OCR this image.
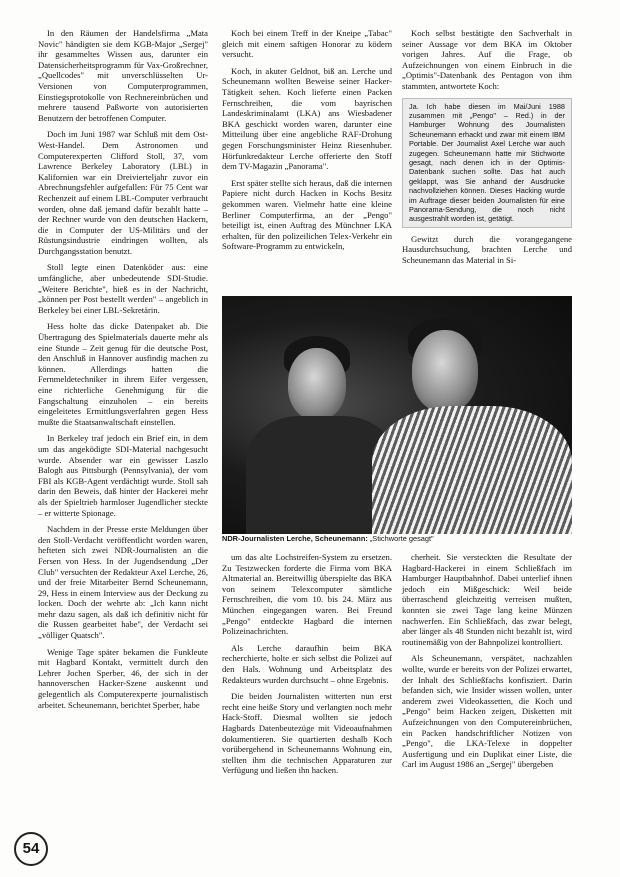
In den Räumen der Handelsfirma „Mata Novic" händigten sie dem KGB-Major „Sergej" ihr gesammeltes Wissen aus, darunter ein Datensicherheitsprogramm für Vax-Großrechner, „Quellcodes" mit unverschlüsselten Ur-Versionen von Computerprogrammen, Einstiegsprotokolle von Rechnereinbrüchen und mehrere tausend Paßworte von autorisierten Benutzern der betroffenen Computer.

Doch im Juni 1987 war Schluß mit dem Ost-West-Handel. Dem Astronomen und Computerexperten Clifford Stoll, 37, vom Lawrence Berkeley Laboratory (LBL) in Kalifornien war ein Dreivierteljahr zuvor ein Abrechnungsfehler aufgefallen: Für 75 Cent war Rechenzeit auf einem LBL-Computer verbraucht worden, ohne daß jemand dafür bezahlt hatte – der Rechner wurde von den deutschen Hackern, die in Computer der US-Militärs und der Rüstungsindustrie eindringen wollten, als Durchgangsstation benutzt.

Stoll legte einen Datenköder aus: eine umfängliche, aber unbedeutende SDI-Studie. „Weitere Berichte", hieß es in der Nachricht, „können per Post bestellt werden" – angeblich in Berkeley bei einer LBL-Sekretärin.

Hess holte das dicke Datenpaket ab. Die Übertragung des Spielmaterials dauerte mehr als eine Stunde – Zeit genug für die deutsche Post, den Anschluß in Hannover ausfindig machen zu können. Allerdings hatten die Fernmeldetechniker in ihrem Eifer vergessen, eine richterliche Genehmigung für die Fangschaltung einzuholen – ein bereits eingeleitetes Ermittlungsverfahren gegen Hess mußte die Staatsanwaltschaft einstellen.

In Berkeley traf jedoch ein Brief ein, in dem um das angeködigte SDI-Material nachgesucht wurde. Absender war ein gewisser Laszlo Balogh aus Pittsburgh (Pennsylvania), der vom FBI als KGB-Agent verdächtigt wurde. Stoll sah darin den Beweis, daß hinter der Hackerei mehr als der Spieltrieb harmloser Jugendlicher steckte – er witterte Spionage.

Nachdem in der Presse erste Meldungen über den Stoll-Verdacht veröffentlicht worden waren, hefteten sich zwei NDR-Journalisten an die Fersen von Hess. In der Jugendsendung „Der Club" versuchten der Redakteur Axel Lerche, 26, und der freie Mitarbeiter Bernd Scheunemann, 29, Hess in einem Interview aus der Deckung zu locken. Doch der wehrte ab: „Ich kann nicht mehr dazu sagen, als daß ich definitiv nicht für die Russen gearbeitet habe", der Verdacht sei „völliger Quatsch".

Wenige Tage später bekamen die Funkleute mit Hagbard Kontakt, vermittelt durch den Lehrer Jochen Sperber, 46, der sich in der hannoverschen Hacker-Szene auskennt und gelegentlich als Computerexperte journalistisch arbeitet. Scheunemann, berichtet Sperber, habe

Koch bei einem Treff in der Kneipe „Tabac" gleich mit einem saftigen Honorar zu ködern versucht.

Koch, in akuter Geldnot, biß an. Lerche und Scheunemann wollten Beweise seiner Hacker-Tätigkeit sehen. Koch lieferte einen Packen Fernschreiben, die vom bayrischen Landeskriminalamt (LKA) ans Wiesbadener BKA geschickt worden waren, darunter eine Mitteilung über eine angebliche RAF-Drohung gegen Forschungsminister Heinz Riesenhuber. Hörfunkredakteur Lerche offerierte den Stoff dem TV-Magazin „Panorama".

Erst später stellte sich heraus, daß die internen Papiere nicht durch Hacken in Kochs Besitz gekommen waren. Vielmehr hatte eine kleine Berliner Computerfirma, an der „Pengo" beteiligt ist, einen Auftrag des Münchner LKA erhalten, für den polizeilichen Telex-Verkehr ein Software-Programm zu entwickeln,

Koch selbst bestätigte den Sachverhalt in seiner Aussage vor dem BKA im Oktober vorigen Jahres. Auf die Frage, ob Aufzeichnungen von einem Einbruch in die „Optimis"-Datenbank des Pentagon von ihm stammten, antwortete Koch:

Ja. Ich habe diesen im Mai/Juni 1988 zusammen mit „Pengo" – Red.) in der Hamburger Wohnung des Journalisten Scheunemann erhackt und zwar mit einem IBM Portable. Der Journalist Axel Lerche war auch zugegen. Scheunemann hatte mir Stichworte gesagt, nach denen ich in der Optimis-Datenbank suchen sollte. Das hat auch geklappt, was Sie anhand der Ausdrucke nachvollziehen können. Dieses Hacking wurde im Auftrage dieser beiden Journalisten für eine Panorama-Sendung, die noch nicht ausgestrahlt worden ist, getätigt.

Gewitzt durch die vorangegangene Hausdurchsuchung, brachten Lerche und Scheunemann das Material in Si-

NDR-Journalisten Lerche, Scheunemann: „Stichworte gesagt"

um das alte Lochstreifen-System zu ersetzen. Zu Testzwecken forderte die Firma vom BKA Altmaterial an. Bereitwillig überspielte das BKA von seinem Telexcomputer sämtliche Fernschreiben, die vom 10. bis 24. März aus München eingegangen waren. Bei Freund „Pengo" entdeckte Hagbard die internen Polizeinachrichten.

Als Lerche daraufhin beim BKA recherchierte, holte er sich selbst die Polizei auf den Hals. Wohnung und Arbeitsplatz des Redakteurs wurden durchsucht – ohne Ergebnis.

Die beiden Journalisten witterten nun erst recht eine heiße Story und verlangten noch mehr Hack-Stoff. Diesmal wollten sie jedoch Hagbards Datenbeutezüge mit Videoaufnahmen dokumentieren. Sie quartierten deshalb Koch vorübergehend in Scheunemanns Wohnung ein, stellten ihm die technischen Apparaturen zur Verfügung und ließen ihn hacken.

cherheit. Sie versteckten die Resultate der Hagbard-Hackerei in einem Schließfach im Hamburger Hauptbahnhof. Dabei unterlief ihnen jedoch ein Mißgeschick: Weil beide überraschend gleichzeitig verreisen mußten, konnten sie zwei Tage lang keine Münzen nachwerfen. Ein Schließfach, das zwar belegt, aber länger als 48 Stunden nicht bezahlt ist, wird routinemäßig von der Bahnpolizei kontrolliert.

Als Scheunemann, verspätet, nachzahlen wollte, wurde er bereits von der Polizei erwartet, der Inhalt des Schließfachs konfisziert. Darin befanden sich, wie Insider wissen wollen, unter anderem zwei Videokassetten, die Koch und „Pengo" beim Hacken zeigen, Disketten mit Aufzeichnungen von den Computereinbrüchen, ein Packen handschriftlicher Notizen von „Pengo", die LKA-Telexe in doppelter Ausfertigung und ein Duplikat einer Liste, die Carl im August 1986 an „Sergej" übergeben

54
